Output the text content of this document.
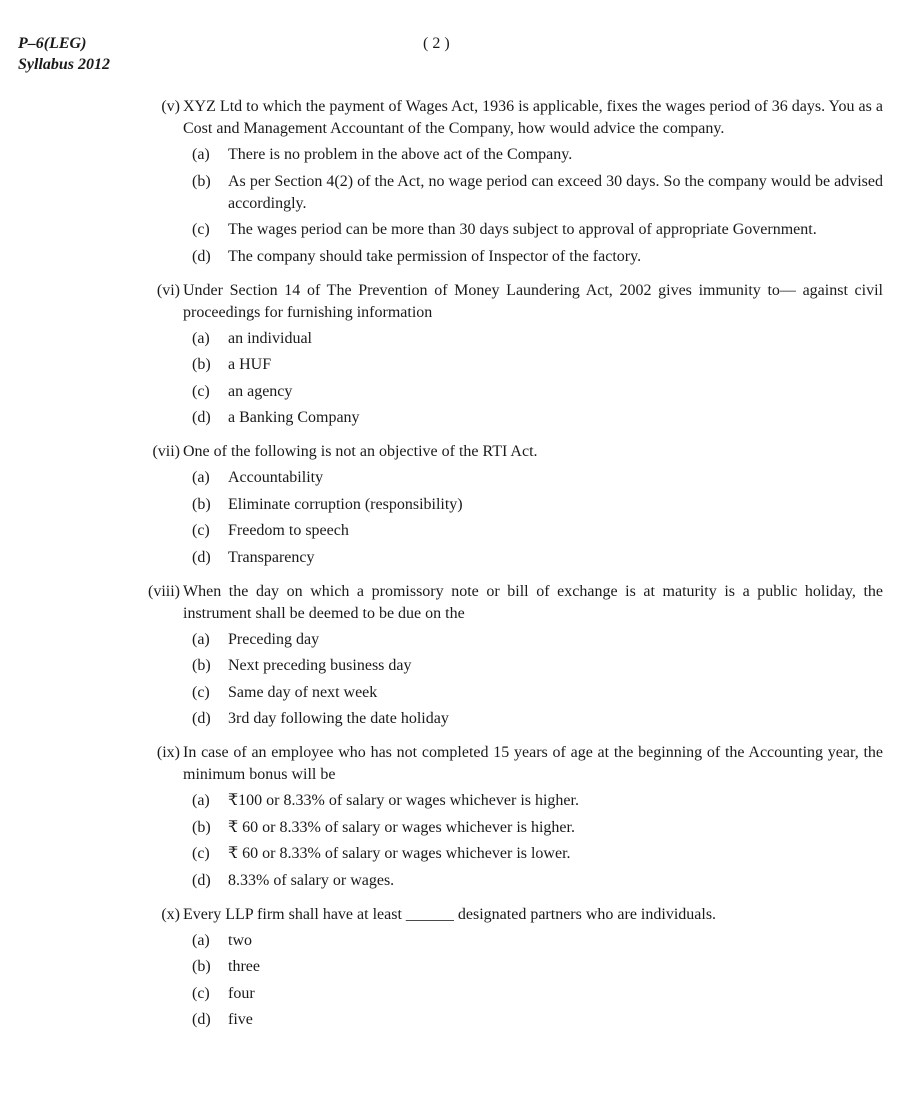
P–6(LEG)
Syllabus 2012
( 2 )
(v) XYZ Ltd to which the payment of Wages Act, 1936 is applicable, fixes the wages period of 36 days. You as a Cost and Management Accountant of the Company, how would advice the company.
(a) There is no problem in the above act of the Company.
(b) As per Section 4(2) of the Act, no wage period can exceed 30 days. So the company would be advised accordingly.
(c) The wages period can be more than 30 days subject to approval of appropriate Government.
(d) The company should take permission of Inspector of the factory.
(vi) Under Section 14 of The Prevention of Money Laundering Act, 2002 gives immunity to— against civil proceedings for furnishing information
(a) an individual
(b) a HUF
(c) an agency
(d) a Banking Company
(vii) One of the following is not an objective of the RTI Act.
(a) Accountability
(b) Eliminate corruption (responsibility)
(c) Freedom to speech
(d) Transparency
(viii) When the day on which a promissory note or bill of exchange is at maturity is a public holiday, the instrument shall be deemed to be due on the
(a) Preceding day
(b) Next preceding business day
(c) Same day of next week
(d) 3rd day following the date holiday
(ix) In case of an employee who has not completed 15 years of age at the beginning of the Accounting year, the minimum bonus will be
(a) ₹100 or 8.33% of salary or wages whichever is higher.
(b) ₹ 60 or 8.33% of salary or wages whichever is higher.
(c) ₹ 60 or 8.33% of salary or wages whichever is lower.
(d) 8.33% of salary or wages.
(x) Every LLP firm shall have at least ______ designated partners who are individuals.
(a) two
(b) three
(c) four
(d) five
